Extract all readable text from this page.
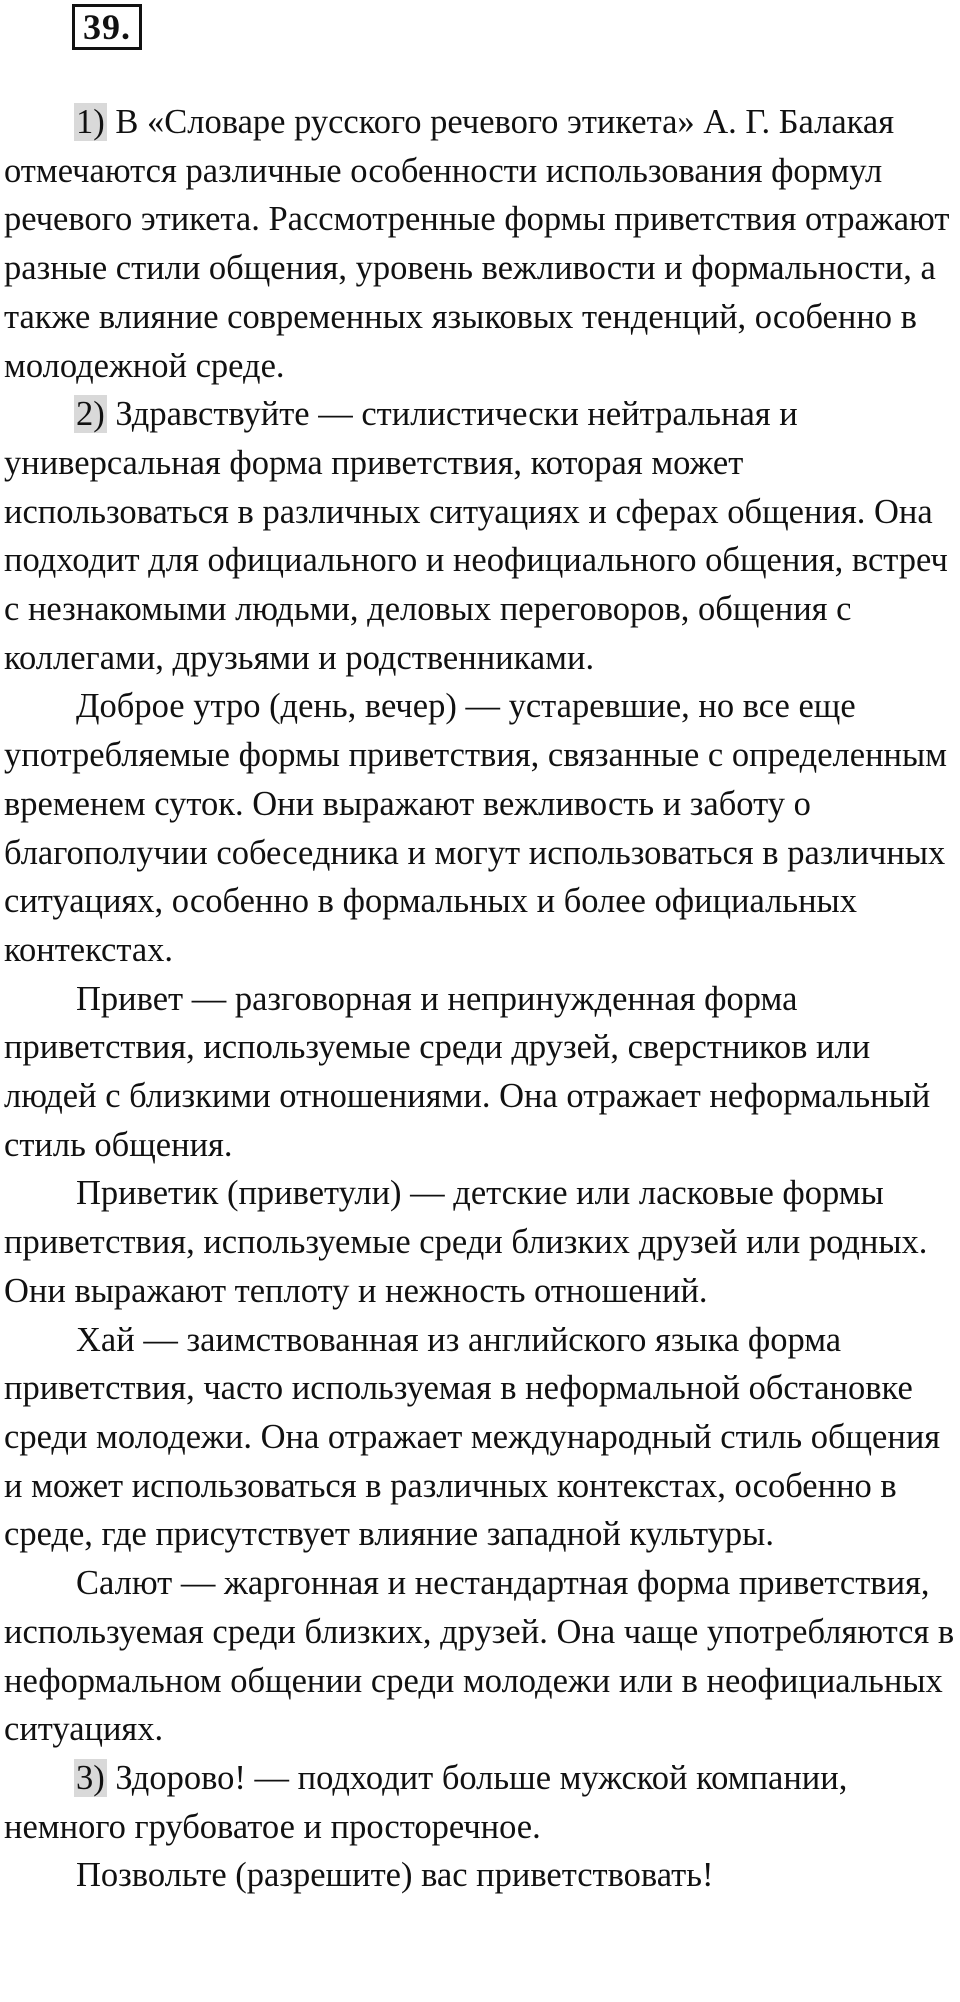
39.

1) В «Словаре русского речевого этикета» А. Г. Балакая отмечаются различные особенности использования формул речевого этикета. Рассмотренные формы приветствия отражают разные стили общения, уровень вежливости и формальности, а также влияние современных языковых тенденций, особенно в молодежной среде.

2) Здравствуйте — стилистически нейтральная и универсальная форма приветствия, которая может использоваться в различных ситуациях и сферах общения. Она подходит для официального и неофициального общения, встреч с незнакомыми людьми, деловых переговоров, общения с коллегами, друзьями и родственниками.

Доброе утро (день, вечер) — устаревшие, но все еще употребляемые формы приветствия, связанные с определенным временем суток. Они выражают вежливость и заботу о благополучии собеседника и могут использоваться в различных ситуациях, особенно в формальных и более официальных контекстах.

Привет — разговорная и непринужденная форма приветствия, используемые среди друзей, сверстников или людей с близкими отношениями. Она отражает неформальный стиль общения.

Приветик (приветули) — детские или ласковые формы приветствия, используемые среди близких друзей или родных. Они выражают теплоту и нежность отношений.

Хай — заимствованная из английского языка форма приветствия, часто используемая в неформальной обстановке среди молодежи. Она отражает международный стиль общения и может использоваться в различных контекстах, особенно в среде, где присутствует влияние западной культуры.

Салют — жаргонная и нестандартная форма приветствия, используемая среди близких, друзей. Она чаще употребляются в неформальном общении среди молодежи или в неофициальных ситуациях.

3) Здорово! — подходит больше мужской компании, немного грубоватое и просторечное.

Позвольте (разрешите) вас приветствовать!
